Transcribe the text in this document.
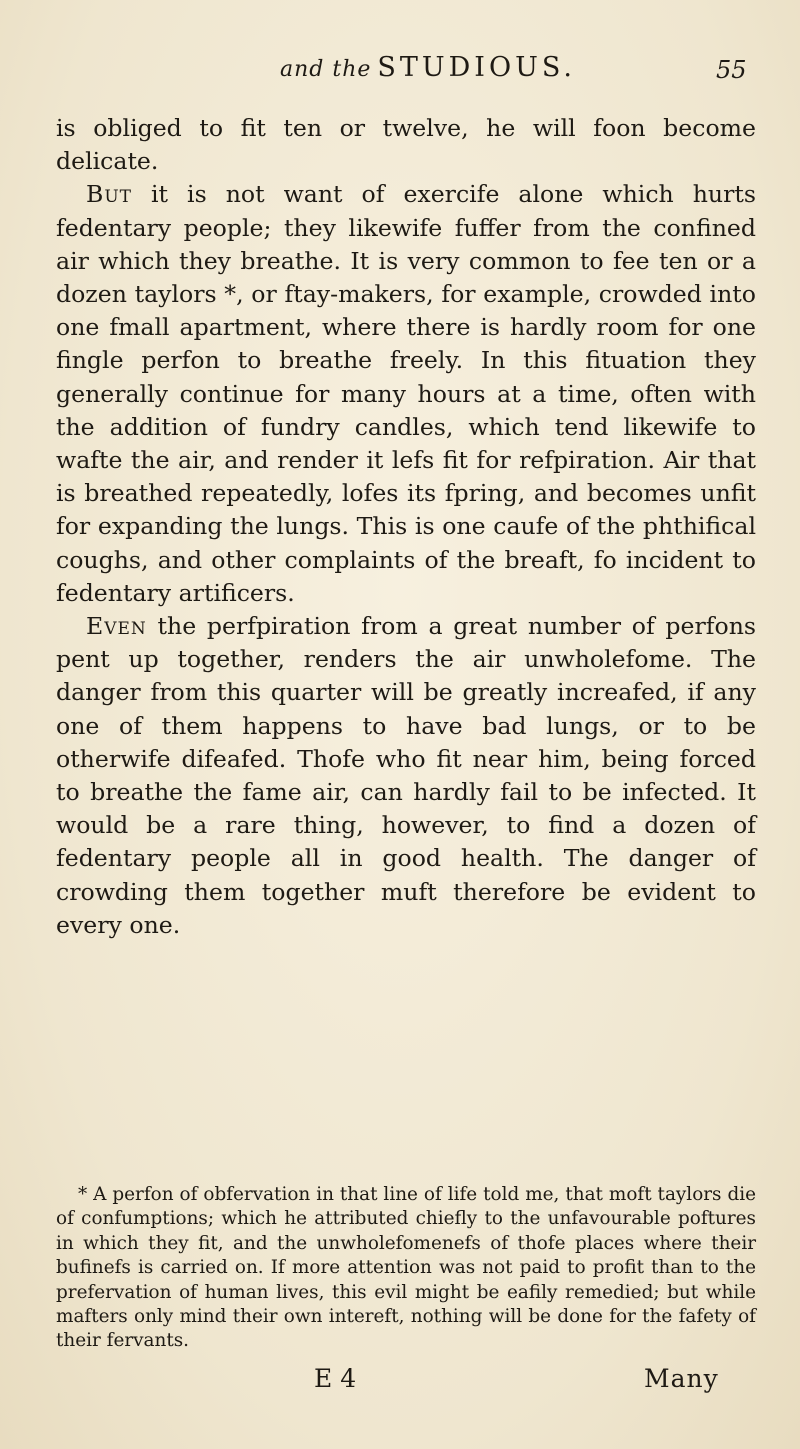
and the STUDIOUS.	55

is obliged to fit ten or twelve, he will foon become delicate.

But it is not want of exercife alone which hurts fedentary people; they likewife fuffer from the confined air which they breathe. It is very common to fee ten or a dozen taylors *, or ftay-makers, for example, crowded into one fmall apartment, where there is hardly room for one fingle perfon to breathe freely. In this fituation they generally continue for many hours at a time, often with the addition of fundry candles, which tend likewife to wafte the air, and render it lefs fit for refpiration. Air that is breathed repeatedly, lofes its fpring, and becomes unfit for expanding the lungs. This is one caufe of the phthifical coughs, and other complaints of the breaft, fo incident to fedentary artificers.

Even the perfpiration from a great number of perfons pent up together, renders the air unwholefome. The danger from this quarter will be greatly increafed, if any one of them happens to have bad lungs, or to be otherwife difeafed. Thofe who fit near him, being forced to breathe the fame air, can hardly fail to be infected. It would be a rare thing, however, to find a dozen of fedentary people all in good health. The danger of crowding them together muft therefore be evident to every one.

* A perfon of obfervation in that line of life told me, that moft taylors die of confumptions; which he attributed chiefly to the unfavourable poftures in which they fit, and the unwholefomenefs of thofe places where their bufinefs is carried on. If more attention was not paid to profit than to the prefervation of human lives, this evil might be eafily remedied; but while mafters only mind their own intereft, nothing will be done for the fafety of their fervants.

E 4	Many
